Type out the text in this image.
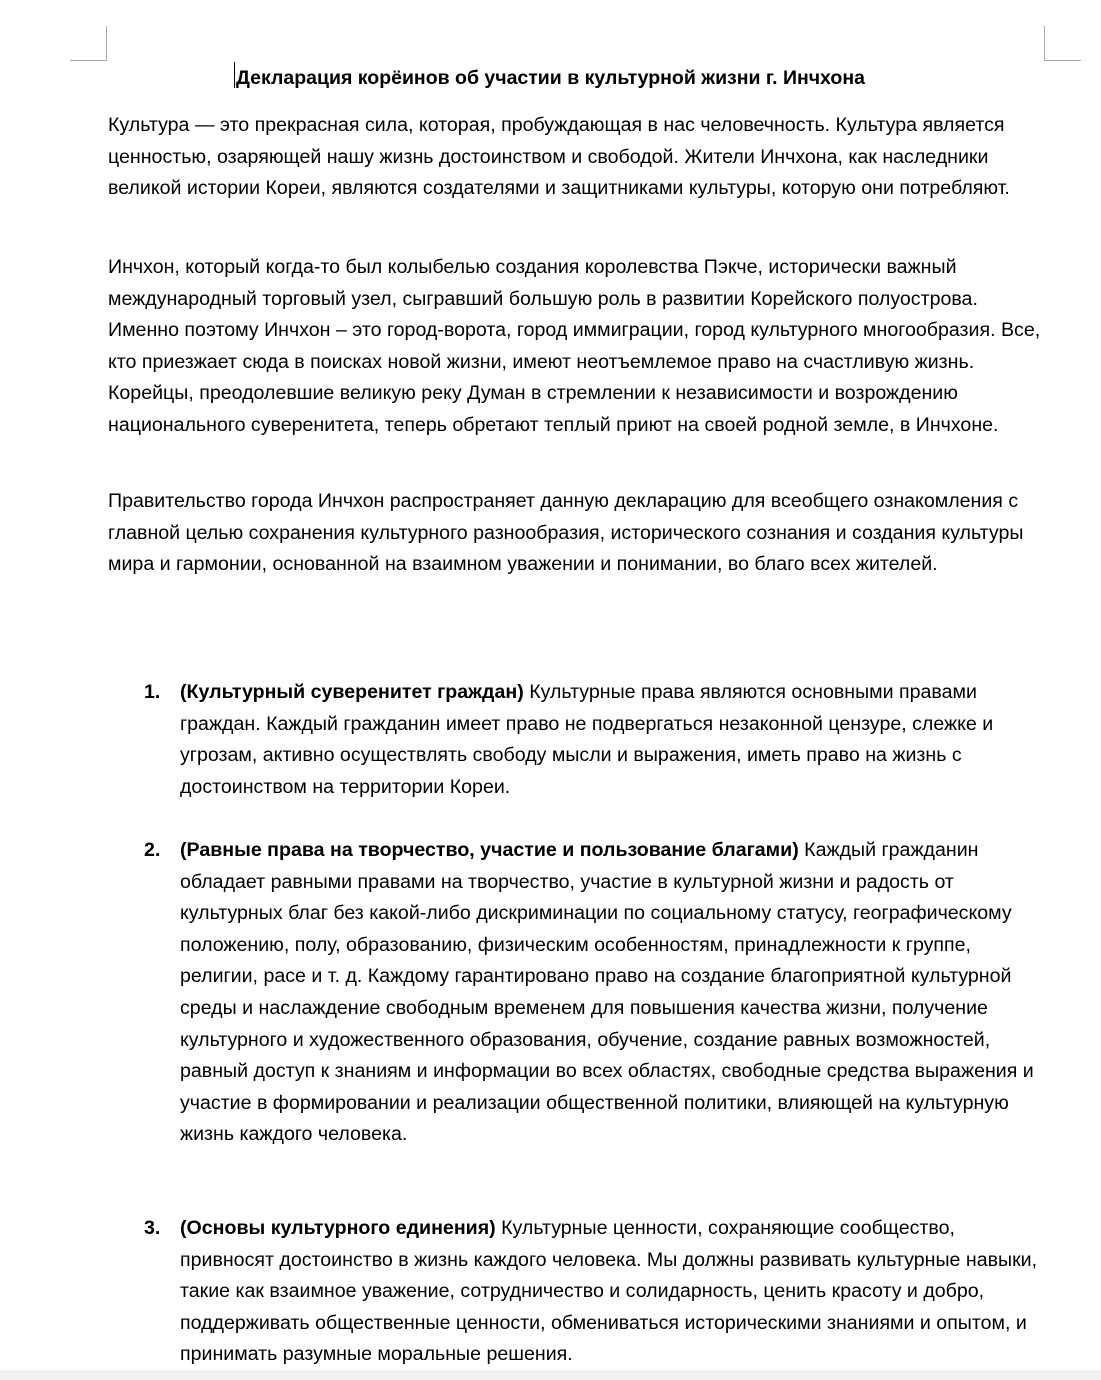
Декларация корёинов об участии в культурной жизни г. Инчхона

Культура — это прекрасная сила, которая, пробуждающая в нас человечность. Культура является ценностью, озаряющей нашу жизнь достоинством и свободой. Жители Инчхона, как наследники великой истории Кореи, являются создателями и защитниками культуры, которую они потребляют.

Инчхон, который когда-то был колыбелью создания королевства Пэкче, исторически важный международный торговый узел, сыгравший большую роль в развитии Корейского полуострова. Именно поэтому Инчхон – это город-ворота, город иммиграции, город культурного многообразия. Все, кто приезжает сюда в поисках новой жизни, имеют неотъемлемое право на счастливую жизнь. Корейцы, преодолевшие великую реку Думан в стремлении к независимости и возрождению национального суверенитета, теперь обретают теплый приют на своей родной земле, в Инчхоне.

Правительство города Инчхон распространяет данную декларацию для всеобщего ознакомления с главной целью сохранения культурного разнообразия, исторического сознания и создания культуры мира и гармонии, основанной на взаимном уважении и понимании, во благо всех жителей.

1. (Культурный суверенитет граждан) Культурные права являются основными правами граждан. Каждый гражданин имеет право не подвергаться незаконной цензуре, слежке и угрозам, активно осуществлять свободу мысли и выражения, иметь право на жизнь с достоинством на территории Кореи.

2. (Равные права на творчество, участие и пользование благами) Каждый гражданин обладает равными правами на творчество, участие в культурной жизни и радость от культурных благ без какой-либо дискриминации по социальному статусу, географическому положению, полу, образованию, физическим особенностям, принадлежности к группе, религии, расе и т. д. Каждому гарантировано право на создание благоприятной культурной среды и наслаждение свободным временем для повышения качества жизни, получение культурного и художественного образования, обучение, создание равных возможностей, равный доступ к знаниям и информации во всех областях, свободные средства выражения и участие в формировании и реализации общественной политики, влияющей на культурную жизнь каждого человека.

3. (Основы культурного единения) Культурные ценности, сохраняющие сообщество, привносят достоинство в жизнь каждого человека. Мы должны развивать культурные навыки, такие как взаимное уважение, сотрудничество и солидарность, ценить красоту и добро, поддерживать общественные ценности, обмениваться историческими знаниями и опытом, и принимать разумные моральные решения.
